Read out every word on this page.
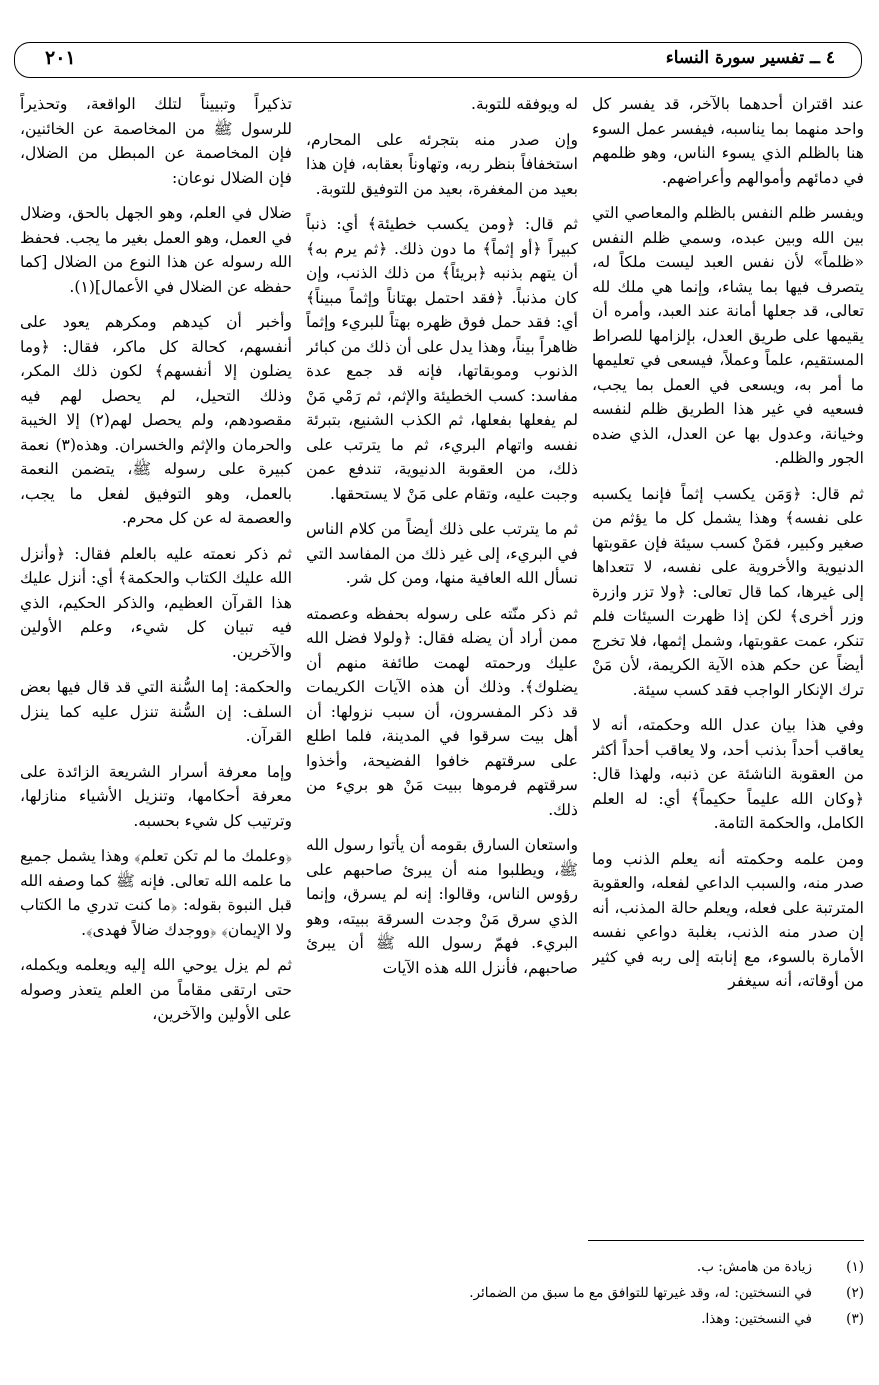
٤ ــ تفسير سورة النساء
٢٠١

عند اقتران أحدهما بالآخر، قد يفسر كل واحد منهما بما يناسبه، فيفسر عمل السوء هنا بالظلم الذي يسوء الناس، وهو ظلمهم في دمائهم وأموالهم وأعراضهم.

ويفسر ظلم النفس بالظلم والمعاصي التي بين الله وبين عبده، وسمي ظلم النفس «ظلماً» لأن نفس العبد ليست ملكاً له، يتصرف فيها بما يشاء، وإنما هي ملك لله تعالى، قد جعلها أمانة عند العبد، وأمره أن يقيمها على طريق العدل، بإلزامها للصراط المستقيم، علماً وعملاً، فيسعى في تعليمها ما أمر به، ويسعى في العمل بما يجب، فسعيه في غير هذا الطريق ظلم لنفسه وخيانة، وعدول بها عن العدل، الذي ضده الجور والظلم.

ثم قال: ﴿وَمَن يكسب إثماً فإنما يكسبه على نفسه﴾ وهذا يشمل كل ما يؤثم من صغير وكبير، فمَنْ كسب سيئة فإن عقوبتها الدنيوية والأخروية على نفسه، لا تتعداها إلى غيرها، كما قال تعالى: ﴿ولا تزر وازرة وزر أخرى﴾ لكن إذا ظهرت السيئات فلم تنكر، عمت عقوبتها، وشمل إثمها، فلا تخرج أيضاً عن حكم هذه الآية الكريمة، لأن مَنْ ترك الإنكار الواجب فقد كسب سيئة.

وفي هذا بيان عدل الله وحكمته، أنه لا يعاقب أحداً بذنب أحد، ولا يعاقب أحداً أكثر من العقوبة الناشئة عن ذنبه، ولهذا قال: ﴿وكان الله عليماً حكيماً﴾ أي: له العلم الكامل، والحكمة التامة.

ومن علمه وحكمته أنه يعلم الذنب وما صدر منه، والسبب الداعي لفعله، والعقوبة المترتبة على فعله، ويعلم حالة المذنب، أنه إن صدر منه الذنب، بغلبة دواعي نفسه الأمارة بالسوء، مع إنابته إلى ربه في كثير من أوقاته، أنه سيغفر

له ويوفقه للتوبة.

وإن صدر منه بتجرئه على المحارم، استخفافاً بنظر ربه، وتهاوناً بعقابه، فإن هذا بعيد من المغفرة، بعيد من التوفيق للتوبة.

ثم قال: ﴿ومن يكسب خطيئة﴾ أي: ذنباً كبيراً ﴿أو إثماً﴾ ما دون ذلك. ﴿ثم يرم به﴾ أن يتهم بذنبه ﴿بريئاً﴾ من ذلك الذنب، وإن كان مذنباً. ﴿فقد احتمل بهتاناً وإثماً مبيناً﴾ أي: فقد حمل فوق ظهره بهتاً للبريء وإثماً ظاهراً بيناً، وهذا يدل على أن ذلك من كبائر الذنوب وموبقاتها، فإنه قد جمع عدة مفاسد: كسب الخطيئة والإثم، ثم رَمْي مَنْ لم يفعلها بفعلها، ثم الكذب الشنيع، بتبرئة نفسه واتهام البريء، ثم ما يترتب على ذلك، من العقوبة الدنيوية، تندفع عمن وجبت عليه، وتقام على مَنْ لا يستحقها.

ثم ما يترتب على ذلك أيضاً من كلام الناس في البريء، إلى غير ذلك من المفاسد التي نسأل الله العافية منها، ومن كل شر.

ثم ذكر منّته على رسوله بحفظه وعصمته ممن أراد أن يضله فقال: ﴿ولولا فضل الله عليك ورحمته لهمت طائفة منهم أن يضلوك﴾. وذلك أن هذه الآيات الكريمات قد ذكر المفسرون، أن سبب نزولها: أن أهل بيت سرقوا في المدينة، فلما اطلع على سرقتهم خافوا الفضيحة، وأخذوا سرقتهم فرموها ببيت مَنْ هو بريء من ذلك.

واستعان السارق بقومه أن يأتوا رسول الله ﷺ، ويطلبوا منه أن يبرئ صاحبهم على رؤوس الناس، وقالوا: إنه لم يسرق، وإنما الذي سرق مَنْ وجدت السرقة ببيته، وهو البريء. فهمّ رسول الله ﷺ أن يبرئ صاحبهم، فأنزل الله هذه الآيات

تذكيراً وتبييناً لتلك الواقعة، وتحذيراً للرسول ﷺ من المخاصمة عن الخائنين، فإن المخاصمة عن المبطل من الضلال، فإن الضلال نوعان:

ضلال في العلم، وهو الجهل بالحق، وضلال في العمل، وهو العمل بغير ما يجب. فحفظ الله رسوله عن هذا النوع من الضلال [كما حفظه عن الضلال في الأعمال](١).

وأخبر أن كيدهم ومكرهم يعود على أنفسهم، كحالة كل ماكر، فقال: ﴿وما يضلون إلا أنفسهم﴾ لكون ذلك المكر، وذلك التحيل، لم يحصل لهم فيه مقصودهم، ولم يحصل لهم(٢) إلا الخيبة والحرمان والإثم والخسران. وهذه(٣) نعمة كبيرة على رسوله ﷺ، يتضمن النعمة بالعمل، وهو التوفيق لفعل ما يجب، والعصمة له عن كل محرم.

ثم ذكر نعمته عليه بالعلم فقال: ﴿وأنزل الله عليك الكتاب والحكمة﴾ أي: أنزل عليك هذا القرآن العظيم، والذكر الحكيم، الذي فيه تبيان كل شيء، وعلم الأولين والآخرين.

والحكمة: إما السُّنة التي قد قال فيها بعض السلف: إن السُّنة تنزل عليه كما ينزل القرآن.

وإما معرفة أسرار الشريعة الزائدة على معرفة أحكامها، وتنزيل الأشياء منازلها، وترتيب كل شيء بحسبه.

﴿وعلمك ما لم تكن تعلم﴾ وهذا يشمل جميع ما علمه الله تعالى. فإنه ﷺ كما وصفه الله قبل النبوة بقوله: ﴿ما كنت تدري ما الكتاب ولا الإيمان﴾ ﴿ووجدك ضالاً فهدى﴾.

ثم لم يزل يوحي الله إليه ويعلمه ويكمله، حتى ارتقى مقاماً من العلم يتعذر وصوله على الأولين والآخرين،

(١)
زيادة من هامش: ب.
(٢)
في النسختين: له، وقد غيرتها للتوافق مع ما سبق من الضمائر.
(٣)
في النسختين: وهذا.
